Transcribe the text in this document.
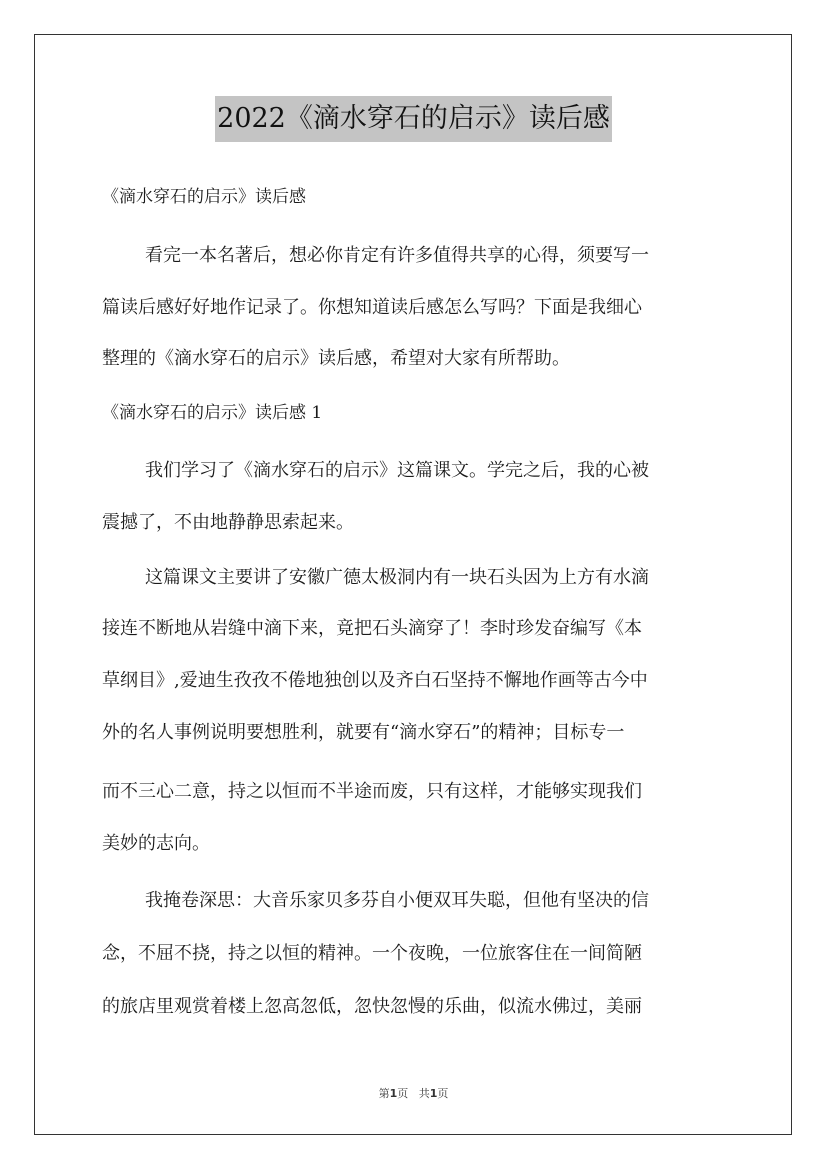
2022《滴水穿石的启示》读后感

《滴水穿石的启示》读后感

看完一本名著后，想必你肯定有许多值得共享的心得，须要写一

篇读后感好好地作记录了。你想知道读后感怎么写吗？下面是我细心

整理的《滴水穿石的启示》读后感，希望对大家有所帮助。

《滴水穿石的启示》读后感 1

我们学习了《滴水穿石的启示》这篇课文。学完之后，我的心被

震撼了，不由地静静思索起来。

这篇课文主要讲了安徽广德太极洞内有一块石头因为上方有水滴

接连不断地从岩缝中滴下来，竟把石头滴穿了！李时珍发奋编写《本

草纲目》,爱迪生孜孜不倦地独创以及齐白石坚持不懈地作画等古今中

外的名人事例说明要想胜利，就要有“滴水穿石”的精神；目标专一

而不三心二意，持之以恒而不半途而废，只有这样，才能够实现我们

美妙的志向。

我掩卷深思：大音乐家贝多芬自小便双耳失聪，但他有坚决的信

念，不屈不挠，持之以恒的精神。一个夜晚，一位旅客住在一间简陋

的旅店里观赏着楼上忽高忽低，忽快忽慢的乐曲，似流水佛过，美丽

第1页 共1页
